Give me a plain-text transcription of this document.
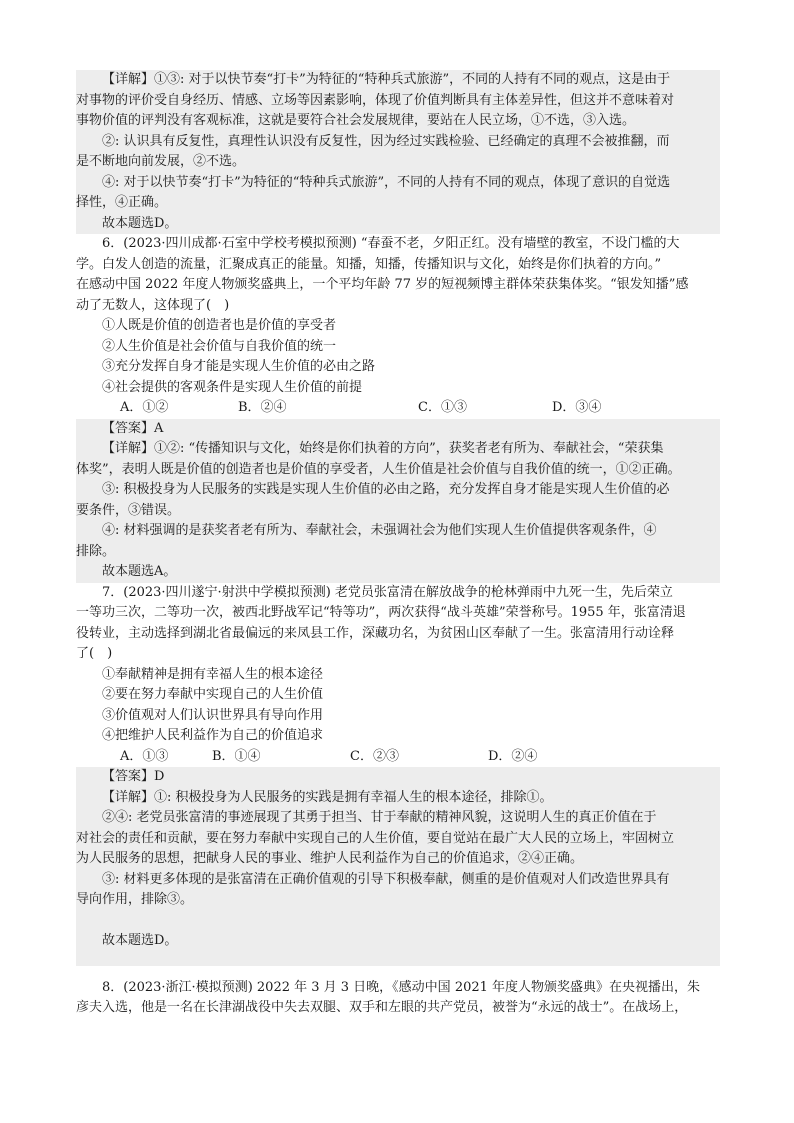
【详解】①③: 对于以快节奏“打卡”为特征的“特种兵式旅游”，不同的人持有不同的观点，这是由于
对事物的评价受自身经历、情感、立场等因素影响，体现了价值判断具有主体差异性，但这并不意味着对
事物价值的评判没有客观标准，这就是要符合社会发展规律，要站在人民立场，①不选，③入选。
②: 认识具有反复性，真理性认识没有反复性，因为经过实践检验、已经确定的真理不会被推翻，而
是不断地向前发展，②不选。
④: 对于以快节奏“打卡”为特征的“特种兵式旅游”，不同的人持有不同的观点，体现了意识的自觉选
择性，④正确。
故本题选D。
6．(2023·四川成都·石室中学校考模拟预测) “春蚕不老，夕阳正红。没有墙壁的教室，不设门槛的大
学。白发人创造的流量，汇聚成真正的能量。知播，知播，传播知识与文化，始终是你们执着的方向。”
在感动中国 2022 年度人物颁奖盛典上，一个平均年龄 77 岁的短视频博主群体荣获集体奖。“银发知播”感
动了无数人，这体现了(　)
①人既是价值的创造者也是价值的享受者
②人生价值是社会价值与自我价值的统一
③充分发挥自身才能是实现人生价值的必由之路
④社会提供的客观条件是实现人生价值的前提
A．①②	B．②④	C．①③	D．③④
【答案】A
【详解】①②: “传播知识与文化，始终是你们执着的方向”，获奖者老有所为、奉献社会，“荣获集
体奖”，表明人既是价值的创造者也是价值的享受者，人生价值是社会价值与自我价值的统一，①②正确。
③: 积极投身为人民服务的实践是实现人生价值的必由之路，充分发挥自身才能是实现人生价值的必
要条件，③错误。
④: 材料强调的是获奖者老有所为、奉献社会，未强调社会为他们实现人生价值提供客观条件，④
排除。
故本题选A。
7．(2023·四川遂宁·射洪中学模拟预测) 老党员张富清在解放战争的枪林弹雨中九死一生，先后荣立
一等功三次，二等功一次，被西北野战军记“特等功”，两次获得“战斗英雄”荣誉称号。1955 年，张富清退
役转业，主动选择到湖北省最偏远的来凤县工作，深藏功名，为贫困山区奉献了一生。张富清用行动诠释
了(　)
①奉献精神是拥有幸福人生的根本途径
②要在努力奉献中实现自己的人生价值
③价值观对人们认识世界具有导向作用
④把维护人民利益作为自己的价值追求
A．①③	B．①④	C．②③	D．②④
【答案】D
【详解】①: 积极投身为人民服务的实践是拥有幸福人生的根本途径，排除①。
②④: 老党员张富清的事迹展现了其勇于担当、甘于奉献的精神风貌，这说明人生的真正价值在于
对社会的责任和贡献，要在努力奉献中实现自己的人生价值，要自觉站在最广大人民的立场上，牢固树立
为人民服务的思想，把献身人民的事业、维护人民利益作为自己的价值追求，②④正确。
③: 材料更多体现的是张富清在正确价值观的引导下积极奉献，侧重的是价值观对人们改造世界具有
导向作用，排除③。
故本题选D。
8．(2023·浙江·模拟预测) 2022 年 3 月 3 日晚，《感动中国 2021 年度人物颁奖盛典》在央视播出，朱
彦夫入选，他是一名在长津湖战役中失去双腿、双手和左眼的共产党员，被誉为“永远的战士”。在战场上，
